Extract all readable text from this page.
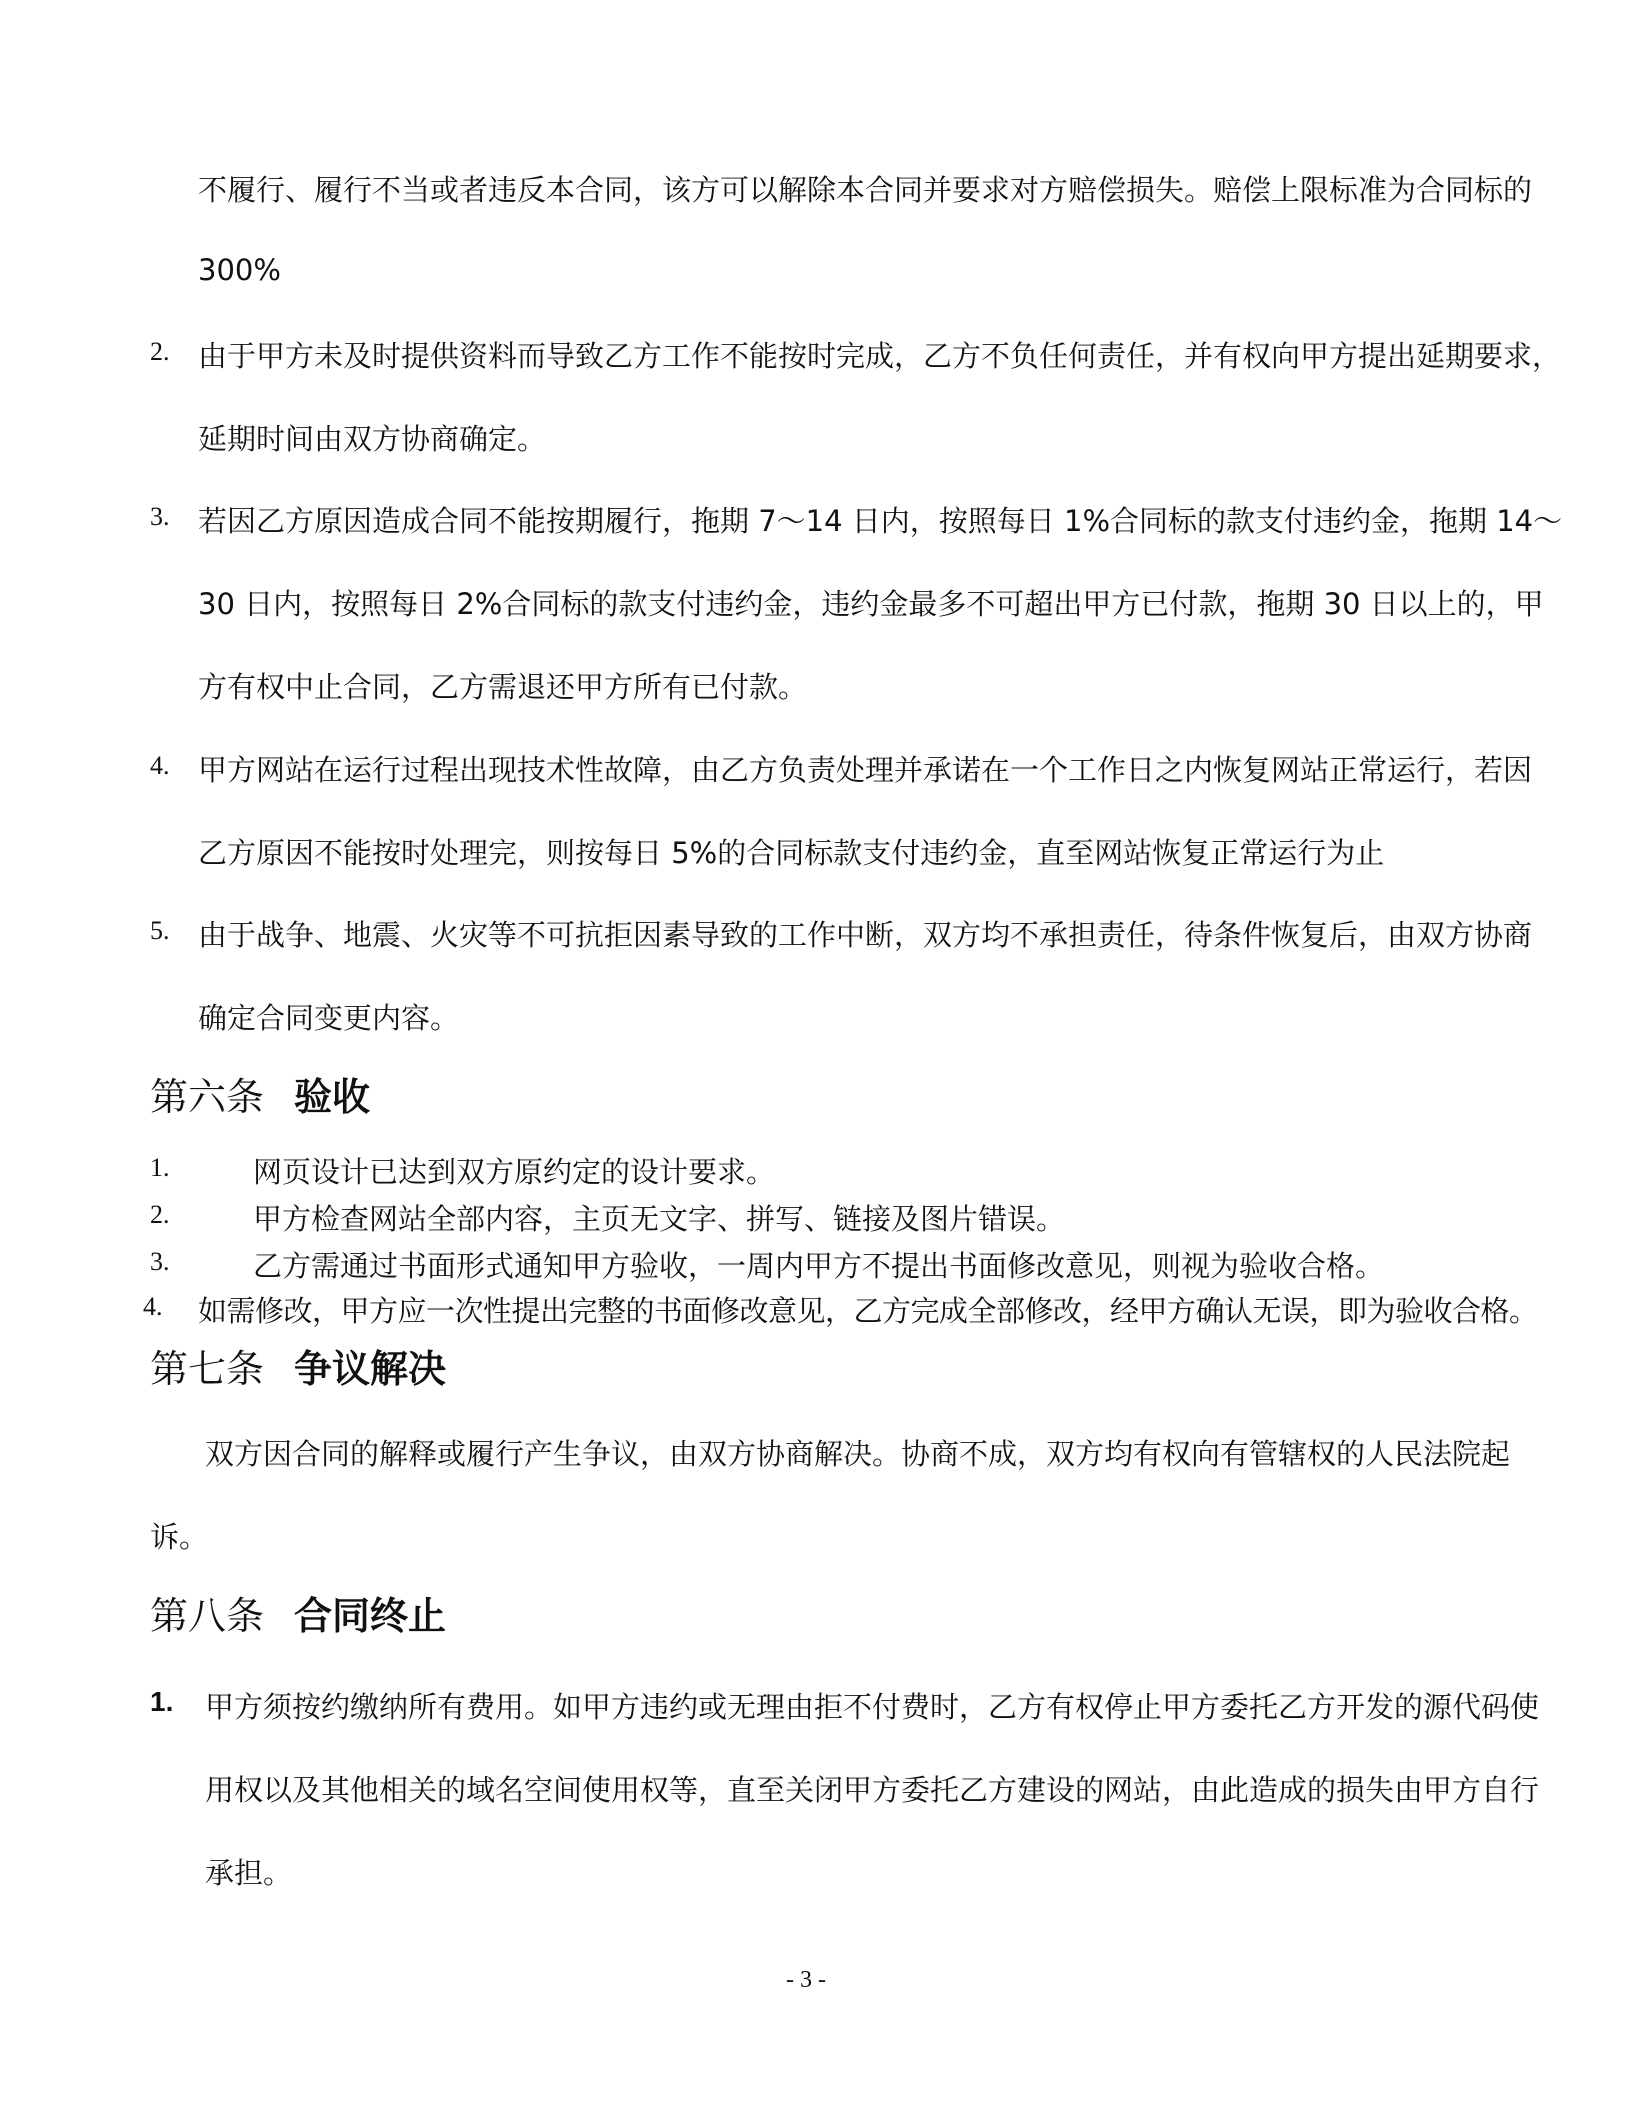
不履行、履行不当或者违反本合同，该方可以解除本合同并要求对方赔偿损失。赔偿上限标准为合同标的
300%
2. 由于甲方未及时提供资料而导致乙方工作不能按时完成，乙方不负任何责任，并有权向甲方提出延期要求，
延期时间由双方协商确定。
3. 若因乙方原因造成合同不能按期履行，拖期 7～14 日内，按照每日 1%合同标的款支付违约金，拖期 14～
30 日内，按照每日 2%合同标的款支付违约金，违约金最多不可超出甲方已付款，拖期 30 日以上的，甲
方有权中止合同，乙方需退还甲方所有已付款。
4. 甲方网站在运行过程出现技术性故障，由乙方负责处理并承诺在一个工作日之内恢复网站正常运行，若因
乙方原因不能按时处理完，则按每日 5%的合同标款支付违约金，直至网站恢复正常运行为止
5. 由于战争、地震、火灾等不可抗拒因素导致的工作中断，双方均不承担责任，待条件恢复后，由双方协商
确定合同变更内容。
第六条 验收
1.	网页设计已达到双方原约定的设计要求。
2.	甲方检查网站全部内容，主页无文字、拼写、链接及图片错误。
3.	乙方需通过书面形式通知甲方验收，一周内甲方不提出书面修改意见，则视为验收合格。
4. 如需修改，甲方应一次性提出完整的书面修改意见，乙方完成全部修改，经甲方确认无误，即为验收合格。
第七条 争议解决
双方因合同的解释或履行产生争议，由双方协商解决。协商不成，双方均有权向有管辖权的人民法院起
诉。
第八条 合同终止
1. 甲方须按约缴纳所有费用。如甲方违约或无理由拒不付费时，乙方有权停止甲方委托乙方开发的源代码使
用权以及其他相关的域名空间使用权等，直至关闭甲方委托乙方建设的网站，由此造成的损失由甲方自行
承担。
- 3 -
